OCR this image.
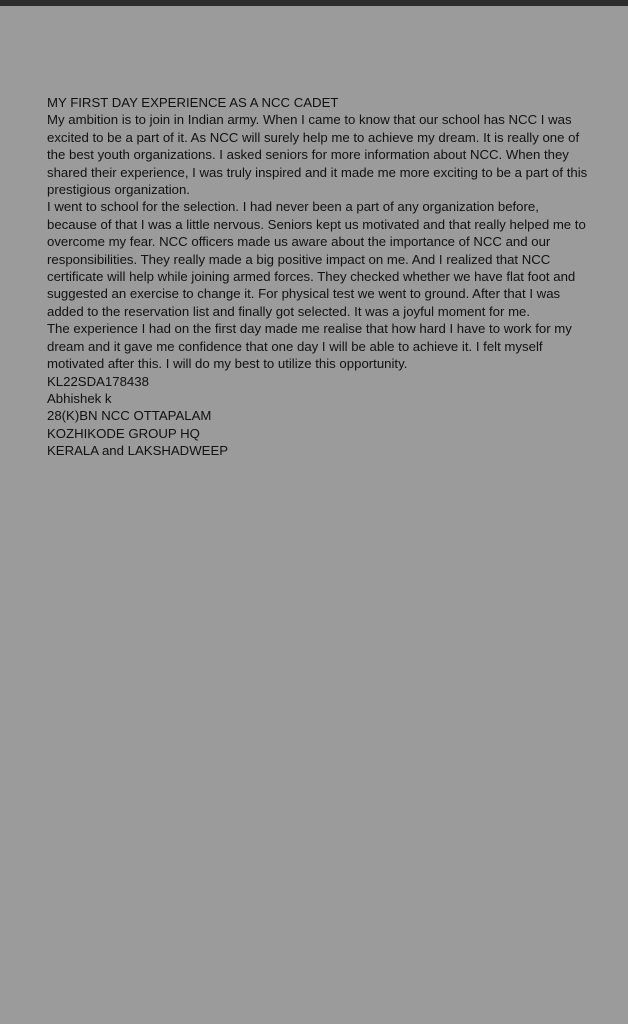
MY FIRST DAY EXPERIENCE AS A NCC CADET
My ambition is to join in Indian army. When I came to know that our school has NCC I was
excited to be a part of it. As NCC will surely help me to achieve my dream. It is really one of
the best youth organizations. I asked seniors for more information about NCC. When they
shared their experience, I was truly inspired and it made me more exciting to be a part of this
prestigious organization.
I went to school for the selection. I had never been a part of any organization before,
because of that I was a little nervous. Seniors kept us motivated and that really helped me to
overcome my fear. NCC officers made us aware about the importance of NCC and our
responsibilities. They really made a big positive impact on me. And I realized that NCC
certificate will help while joining armed forces. They checked whether we have flat foot and
suggested an exercise to change it. For physical test we went to ground. After that I was
added to the reservation list and finally got selected. It was a joyful moment for me.
The experience I had on the first day made me realise that how hard I have to work for my
dream and it gave me confidence that one day I will be able to achieve it. I felt myself
motivated after this. I will do my best to utilize this opportunity.
KL22SDA178438
Abhishek k
28(K)BN NCC OTTAPALAM
KOZHIKODE GROUP HQ
KERALA and LAKSHADWEEP
